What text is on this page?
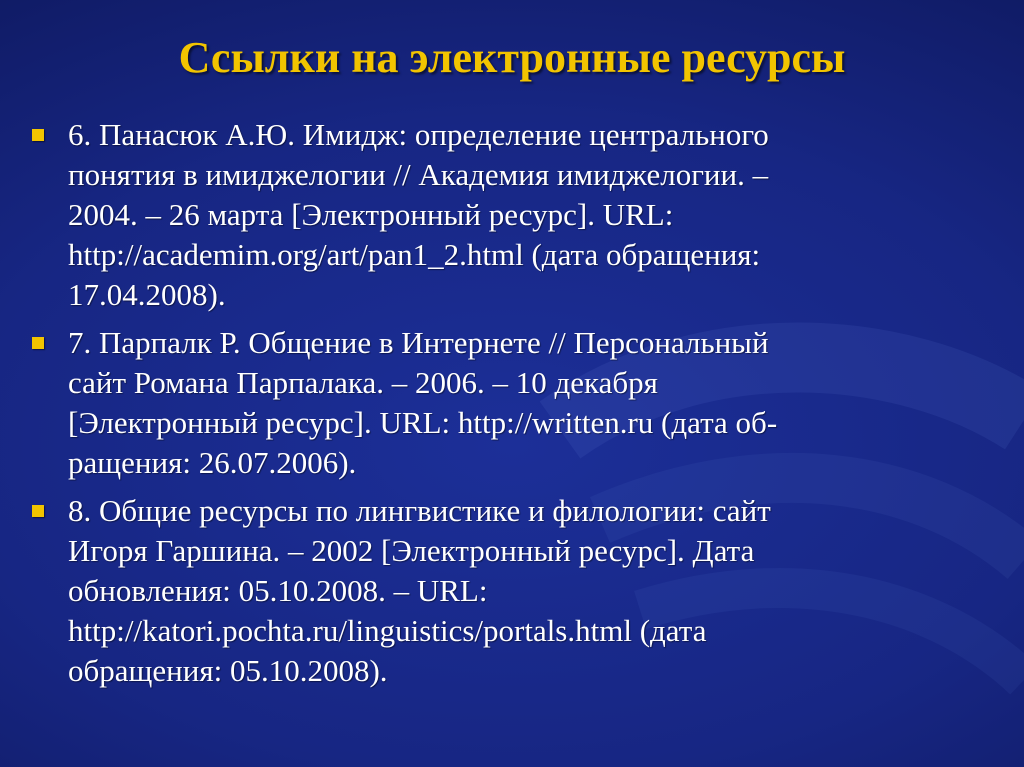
Ссылки на электронные ресурсы
6. Панасюк А.Ю. Имидж: определение центрального
понятия в имиджелогии // Академия имиджелогии. –
2004. – 26 марта [Электронный ресурс]. URL:
http://academim.org/art/pan1_2.html (дата обращения:
17.04.2008).
7. Парпалк Р. Общение в Интернете // Персональный
сайт Романа Парпалака. – 2006. – 10 декабря
[Электронный ресурс]. URL: http://written.ru (дата об-
ращения: 26.07.2006).
8. Общие ресурсы по лингвистике и филологии: сайт
Игоря Гаршина. – 2002 [Электронный ресурс]. Дата
обновления: 05.10.2008. – URL:
http://katori.pochta.ru/linguistics/portals.html (дата
обращения: 05.10.2008).
